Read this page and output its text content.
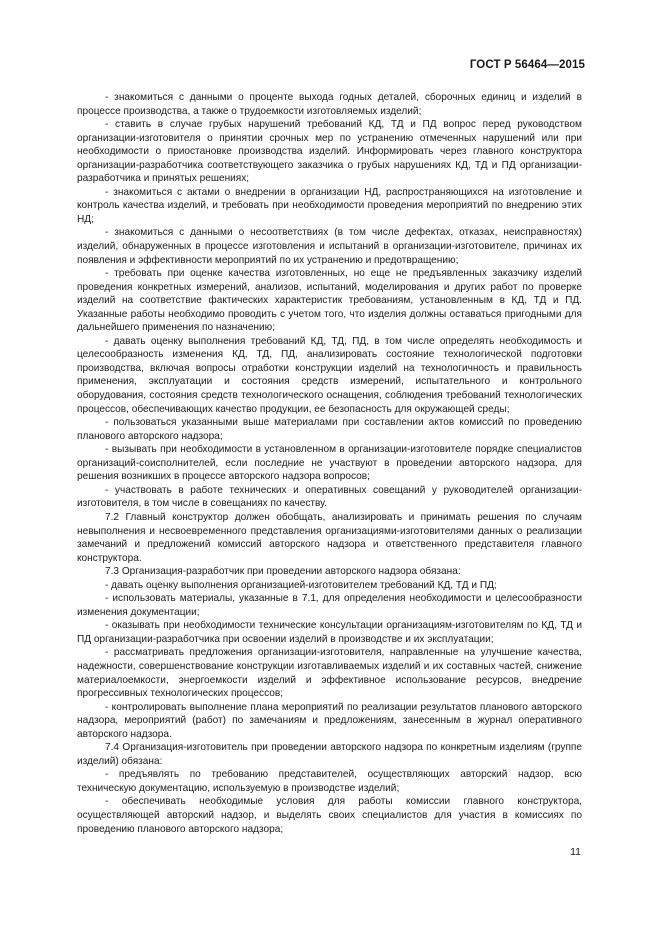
ГОСТ Р 56464—2015

- знакомиться с данными о проценте выхода годных деталей, сборочных единиц и изделий в процессе производства, а также о трудоемкости изготовляемых изделий;

- ставить в случае грубых нарушений требований КД, ТД и ПД вопрос перед руководством организации-изготовителя о принятии срочных мер по устранению отмеченных нарушений или при необходимости о приостановке производства изделий. Информировать через главного конструктора организации-разработчика соответствующего заказчика о грубых нарушениях КД, ТД и ПД организации-разработчика и принятых решениях;

- знакомиться с актами о внедрении в организации НД, распространяющихся на изготовление и контроль качества изделий, и требовать при необходимости проведения мероприятий по внедрению этих НД;

- знакомиться с данными о несоответствиях (в том числе дефектах, отказах, неисправностях) изделий, обнаруженных в процессе изготовления и испытаний в организации-изготовителе, причинах их появления и эффективности мероприятий по их устранению и предотвращению;

- требовать при оценке качества изготовленных, но еще не предъявленных заказчику изделий проведения конкретных измерений, анализов, испытаний, моделирования и других работ по проверке изделий на соответствие фактических характеристик требованиям, установленным в КД, ТД и ПД. Указанные работы необходимо проводить с учетом того, что изделия должны оставаться пригодными для дальнейшего применения по назначению;

- давать оценку выполнения требований КД, ТД, ПД, в том числе определять необходимость и целесообразность изменения КД, ТД, ПД, анализировать состояние технологической подготовки производства, включая вопросы отработки конструкции изделий на технологичность и правильность применения, эксплуатации и состояния средств измерений, испытательного и контрольного оборудования, состояния средств технологического оснащения, соблюдения требований технологических процессов, обеспечивающих качество продукции, ее безопасность для окружающей среды;

- пользоваться указанными выше материалами при составлении актов комиссий по проведению планового авторского надзора;

- вызывать при необходимости в установленном в организации-изготовителе порядке специалистов организаций-соисполнителей, если последние не участвуют в проведении авторского надзора, для решения возникших в процессе авторского надзора вопросов;

- участвовать в работе технических и оперативных совещаний у руководителей организации-изготовителя, в том числе в совещаниях по качеству.

7.2 Главный конструктор должен обобщать, анализировать и принимать решения по случаям невыполнения и несвоевременного представления организациями-изготовителями данных о реализации замечаний и предложений комиссий авторского надзора и ответственного представителя главного конструктора.

7.3 Организация-разработчик при проведении авторского надзора обязана:

- давать оценку выполнения организацией-изготовителем требований КД, ТД и ПД;

- использовать материалы, указанные в 7.1, для определения необходимости и целесообразности изменения документации;

- оказывать при необходимости технические консультации организациям-изготовителям по КД, ТД и ПД организации-разработчика при освоении изделий в производстве и их эксплуатации;

- рассматривать предложения организации-изготовителя, направленные на улучшение качества, надежности, совершенствование конструкции изготавливаемых изделий и их составных частей, снижение материалоемкости, энергоемкости изделий и эффективное использование ресурсов, внедрение прогрессивных технологических процессов;

- контролировать выполнение плана мероприятий по реализации результатов планового авторского надзора, мероприятий (работ) по замечаниям и предложениям, занесенным в журнал оперативного авторского надзора.

7.4 Организация-изготовитель при проведении авторского надзора по конкретным изделиям (группе изделий) обязана:

- предъявлять по требованию представителей, осуществляющих авторский надзор, всю техническую документацию, используемую в производстве изделий;

- обеспечивать необходимые условия для работы комиссии главного конструктора, осуществляющей авторский надзор, и выделять своих специалистов для участия в комиссиях по проведению планового авторского надзора;

11
